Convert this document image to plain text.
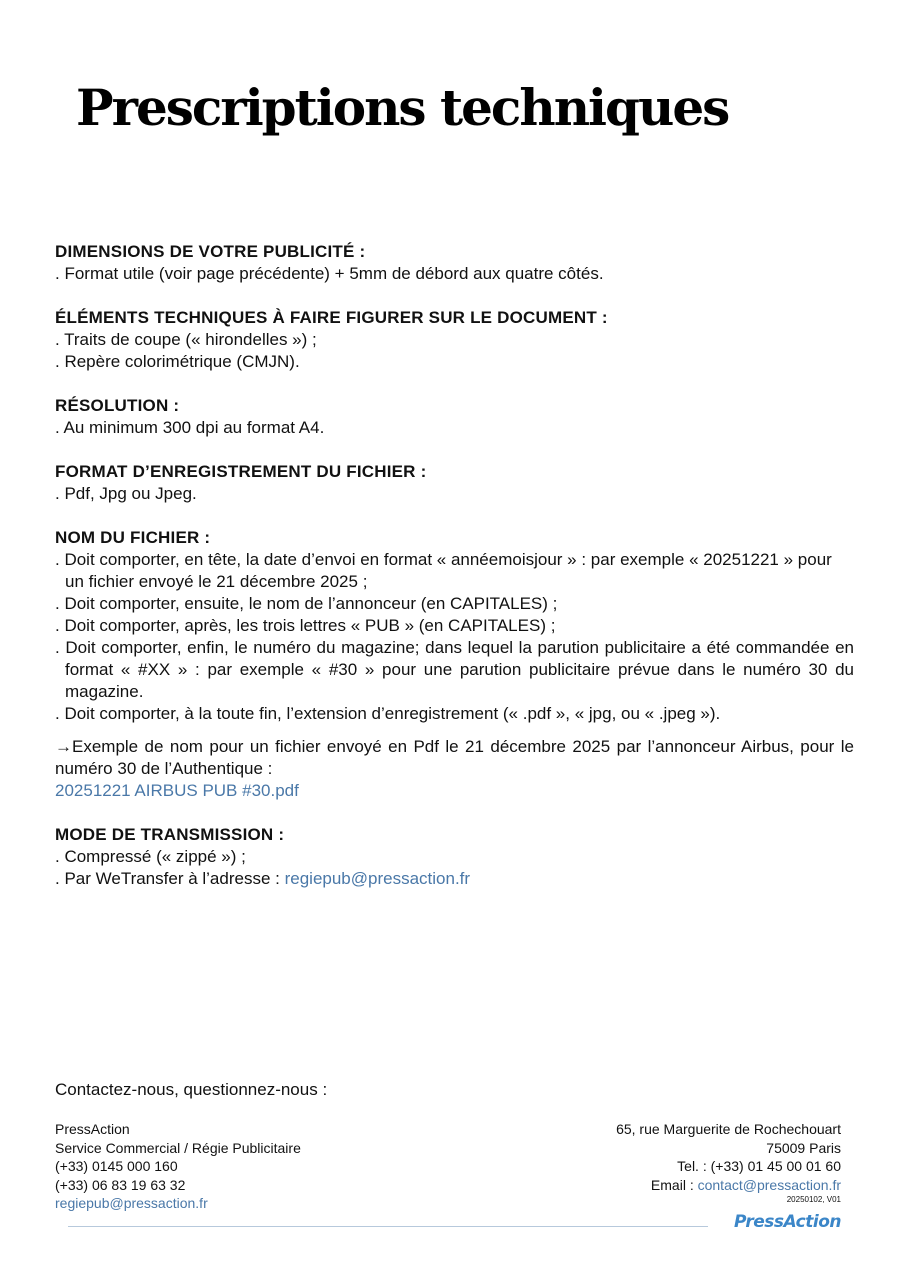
Prescriptions techniques
DIMENSIONS DE VOTRE PUBLICITÉ :
. Format utile (voir page précédente) + 5mm de débord aux quatre côtés.
ÉLÉMENTS TECHNIQUES À FAIRE FIGURER SUR LE DOCUMENT :
. Traits de coupe (« hirondelles ») ;
. Repère colorimétrique (CMJN).
RÉSOLUTION :
. Au minimum 300 dpi au format A4.
FORMAT D’ENREGISTREMENT DU FICHIER :
. Pdf, Jpg ou Jpeg.
NOM DU FICHIER :
. Doit comporter, en tête, la date d’envoi en format « annéemoisjour » : par exemple « 20251221 » pour un fichier envoyé le 21 décembre 2025 ;
. Doit comporter, ensuite, le nom de l’annonceur (en CAPITALES) ;
. Doit comporter, après, les trois lettres « PUB » (en CAPITALES) ;
. Doit comporter, enfin, le numéro du magazine; dans lequel la parution publicitaire a été commandée en format « #XX » : par exemple « #30 » pour une parution publicitaire prévue dans le numéro 30 du magazine.
. Doit comporter, à la toute fin, l’extension d’enregistrement (« .pdf », « jpg, ou « .jpeg »).
→Exemple de nom pour un fichier envoyé en Pdf le 21 décembre 2025 par l’annonceur Airbus, pour le numéro 30 de l’Authentique :
20251221 AIRBUS PUB #30.pdf
MODE DE TRANSMISSION :
. Compressé (« zippé ») ;
. Par WeTransfer à l’adresse : regiepub@pressaction.fr
Contactez-nous, questionnez-nous :
PressAction
Service Commercial / Régie Publicitaire
(+33) 0145 000 160
(+33) 06 83 19 63 32
regiepub@pressaction.fr
65, rue Marguerite de Rochechouart
75009 Paris
Tel. : (+33) 01 45 00 01 60
Email : contact@pressaction.fr
20250102, V01
PressAction
